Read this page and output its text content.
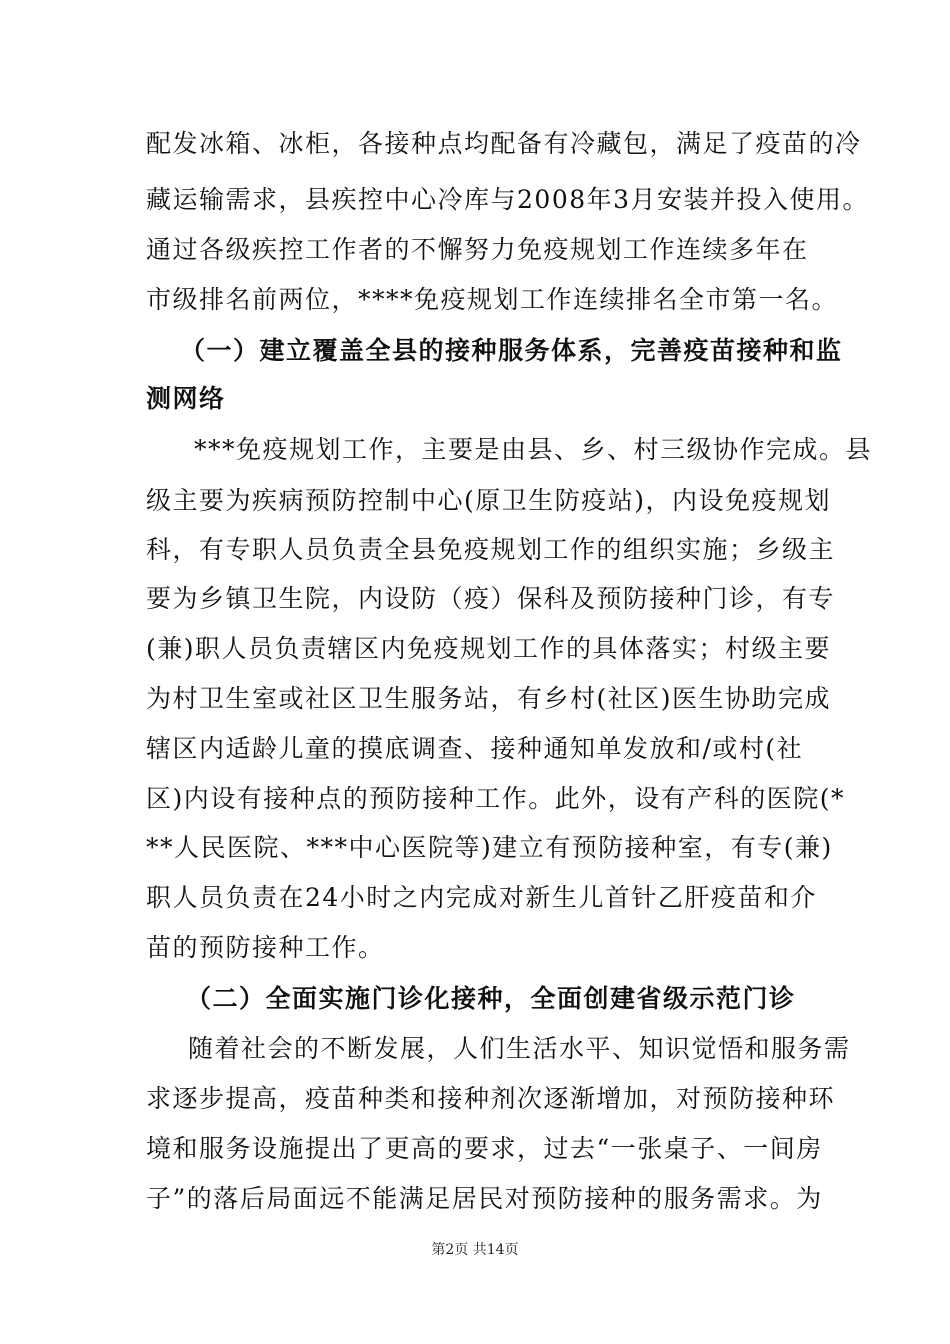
配发冰箱、冰柜，各接种点均配备有冷藏包，满足了疫苗的冷
藏运输需求，县疾控中心冷库与2008年3月安装并投入使用。
通过各级疾控工作者的不懈努力免疫规划工作连续多年在
市级排名前两位，****免疫规划工作连续排名全市第一名。
（一）建立覆盖全县的接种服务体系，完善疫苗接种和监
测网络
***免疫规划工作，主要是由县、乡、村三级协作完成。县
级主要为疾病预防控制中心(原卫生防疫站)，内设免疫规划
科，有专职人员负责全县免疫规划工作的组织实施；乡级主
要为乡镇卫生院，内设防（疫）保科及预防接种门诊，有专
(兼)职人员负责辖区内免疫规划工作的具体落实；村级主要
为村卫生室或社区卫生服务站，有乡村(社区)医生协助完成
辖区内适龄儿童的摸底调查、接种通知单发放和/或村(社
区)内设有接种点的预防接种工作。此外，设有产科的医院(*
**人民医院、***中心医院等)建立有预防接种室，有专(兼)
职人员负责在24小时之内完成对新生儿首针乙肝疫苗和介
苗的预防接种工作。
（二）全面实施门诊化接种，全面创建省级示范门诊
随着社会的不断发展，人们生活水平、知识觉悟和服务需
求逐步提高，疫苗种类和接种剂次逐渐增加，对预防接种环
境和服务设施提出了更高的要求，过去“一张桌子、一间房
子”的落后局面远不能满足居民对预防接种的服务需求。为
第2页 共14页
